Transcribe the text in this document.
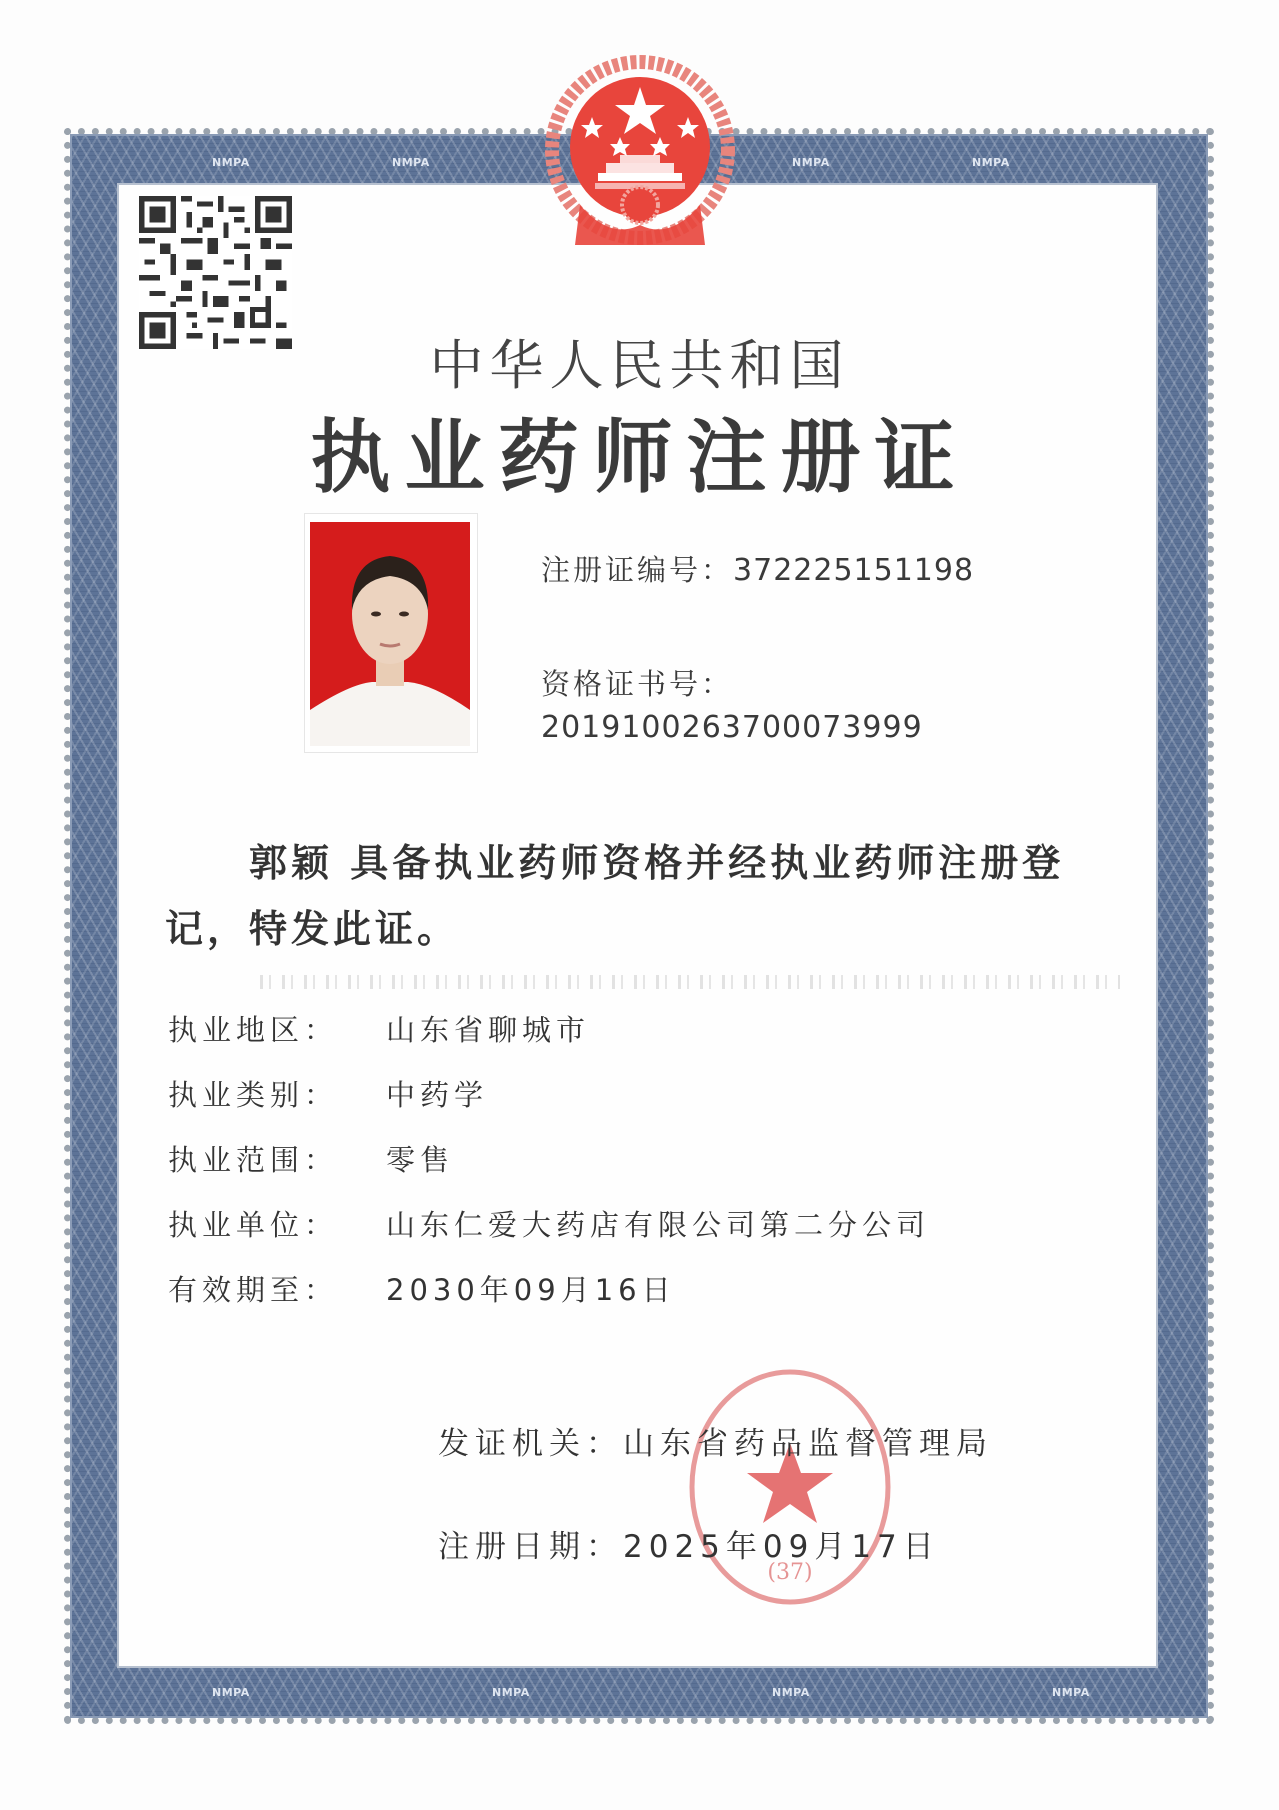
NMPA	NMPA	NMPA	NMPA
NMPA	NMPA	NMPA	NMPA
中华人民共和国
执业药师注册证
注册证编号：372225151198
资格证书号：
2019100263700073999
郭颖 具备执业药师资格并经执业药师注册登记，特发此证。
执业地区： 山东省聊城市
执业类别： 中药学
执业范围： 零售
执业单位： 山东仁爱大药店有限公司第二分公司
有效期至： 2030年09月16日
(37)
发证机关：山东省药品监督管理局
注册日期：2025年09月17日
